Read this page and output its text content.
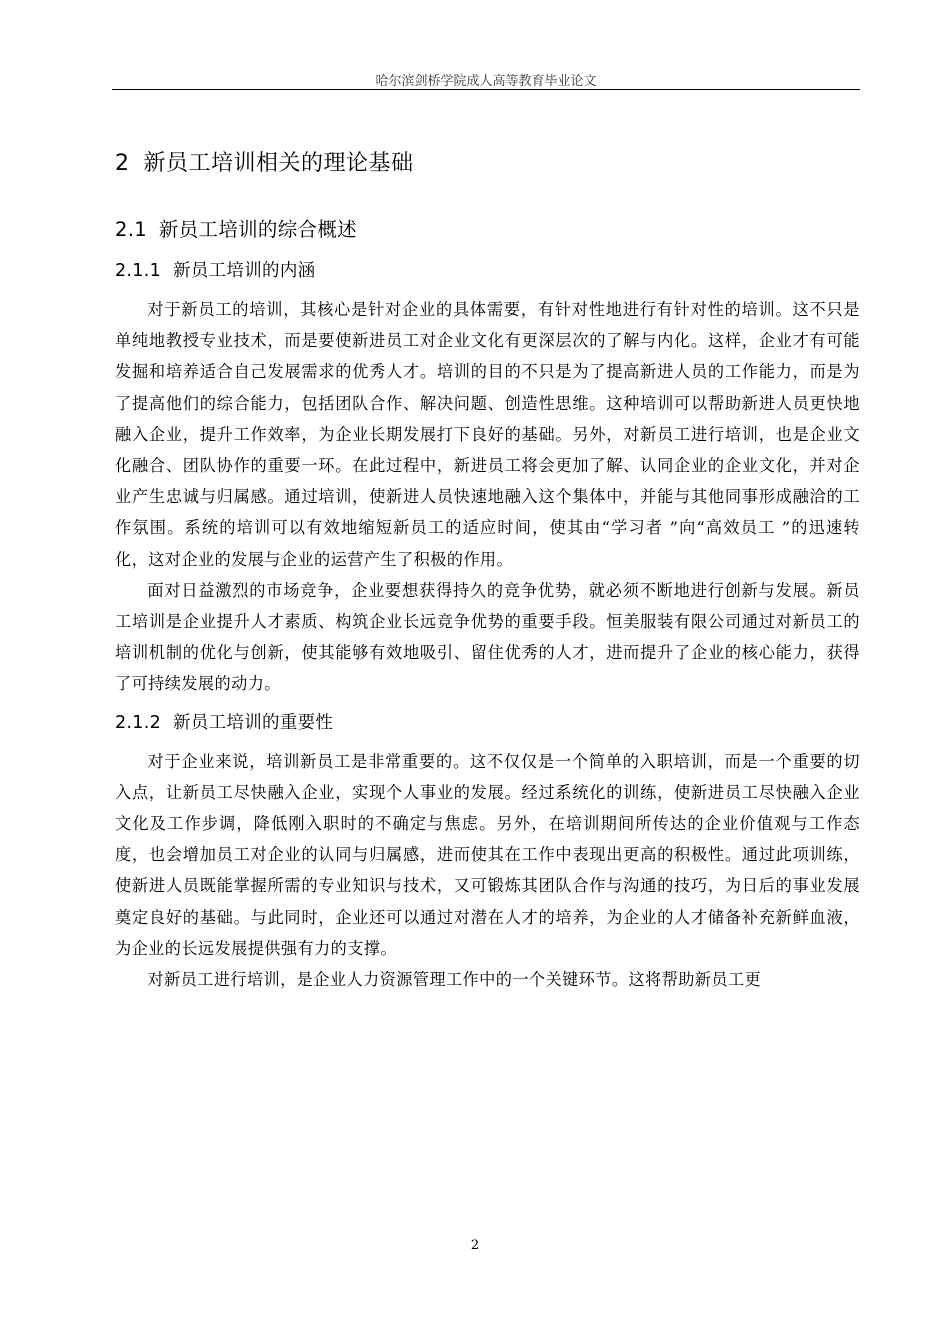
哈尔滨剑桥学院成人高等教育毕业论文
2 新员工培训相关的理论基础
2.1 新员工培训的综合概述
2.1.1 新员工培训的内涵

对于新员工的培训，其核心是针对企业的具体需要，有针对性地进行有针对性的培训。这不只是单纯地教授专业技术，而是要使新进员工对企业文化有更深层次的了解与内化。这样，企业才有可能发掘和培养适合自己发展需求的优秀人才。培训的目的不只是为了提高新进人员的工作能力，而是为了提高他们的综合能力，包括团队合作、解决问题、创造性思维。这种培训可以帮助新进人员更快地融入企业，提升工作效率，为企业长期发展打下良好的基础。另外，对新员工进行培训，也是企业文化融合、团队协作的重要一环。在此过程中，新进员工将会更加了解、认同企业的企业文化，并对企业产生忠诚与归属感。通过培训，使新进人员快速地融入这个集体中，并能与其他同事形成融洽的工作氛围。系统的培训可以有效地缩短新员工的适应时间，使其由“学习者 ”向“高效员工 ”的迅速转 化，这对企业的发展与企业的运营产生了积极的作用。

面对日益激烈的市场竞争，企业要想获得持久的竞争优势，就必须不断地进行创新与发展。新员工培训是企业提升人才素质、构筑企业长远竞争优势的重要手段。恒美服装有限公司通过对新员工的培训机制的优化与创新，使其能够有效地吸引、留住优秀的人才，进而提升了企业的核心能力，获得了可持续发展的动力。

2.1.2 新员工培训的重要性

对于企业来说，培训新员工是非常重要的。这不仅仅是一个简单的入职培训，而是一个重要的切入点，让新员工尽快融入企业，实现个人事业的发展。经过系统化的训练，使新进员工尽快融入企业文化及工作步调，降低刚入职时的不确定与焦虑。另外，在培训期间所传达的企业价值观与工作态度，也会增加员工对企业的认同与归属感，进而使其在工作中表现出更高的积极性。通过此项训练，使新进人员既能掌握所需的专业知识与技术，又可锻炼其团队合作与沟通的技巧，为日后的事业发展奠定良好的基础。与此同时，企业还可以通过对潜在人才的培养，为企业的人才储备补充新鲜血液，为企业的长远发展提供强有力的支撑。

对新员工进行培训，是企业人力资源管理工作中的一个关键环节。这将帮助新员工更

2
